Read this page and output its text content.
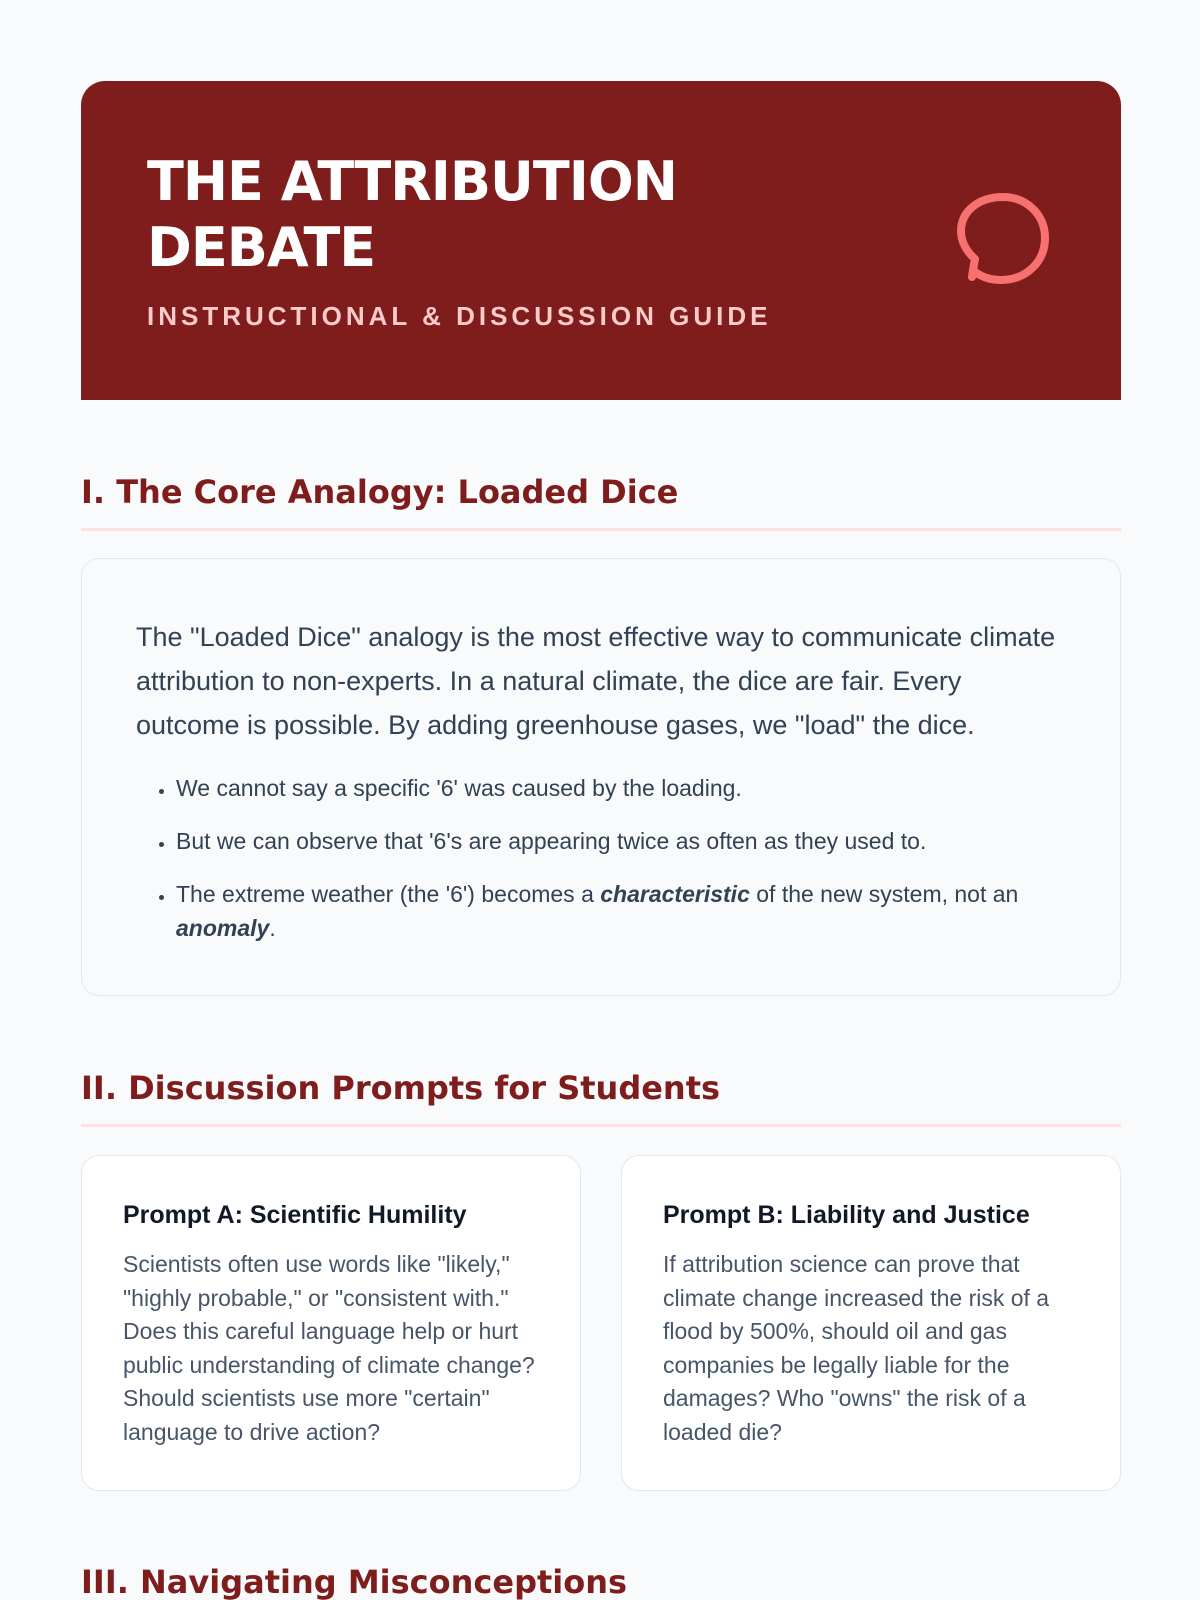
THE ATTRIBUTION DEBATE
INSTRUCTIONAL & DISCUSSION GUIDE
I. The Core Analogy: Loaded Dice

The "Loaded Dice" analogy is the most effective way to communicate climate attribution to non-experts. In a natural climate, the dice are fair. Every outcome is possible. By adding greenhouse gases, we "load" the dice.

• We cannot say a specific '6' was caused by the loading.
• But we can observe that '6's are appearing twice as often as they used to.
• The extreme weather (the '6') becomes a characteristic of the new system, not an anomaly.
II. Discussion Prompts for Students
Prompt A: Scientific Humility

Scientists often use words like "likely," "highly probable," or "consistent with." Does this careful language help or hurt public understanding of climate change? Should scientists use more "certain" language to drive action?

Prompt B: Liability and Justice

If attribution science can prove that climate change increased the risk of a flood by 500%, should oil and gas companies be legally liable for the damages? Who "owns" the risk of a loaded die?

III. Navigating Misconceptions
